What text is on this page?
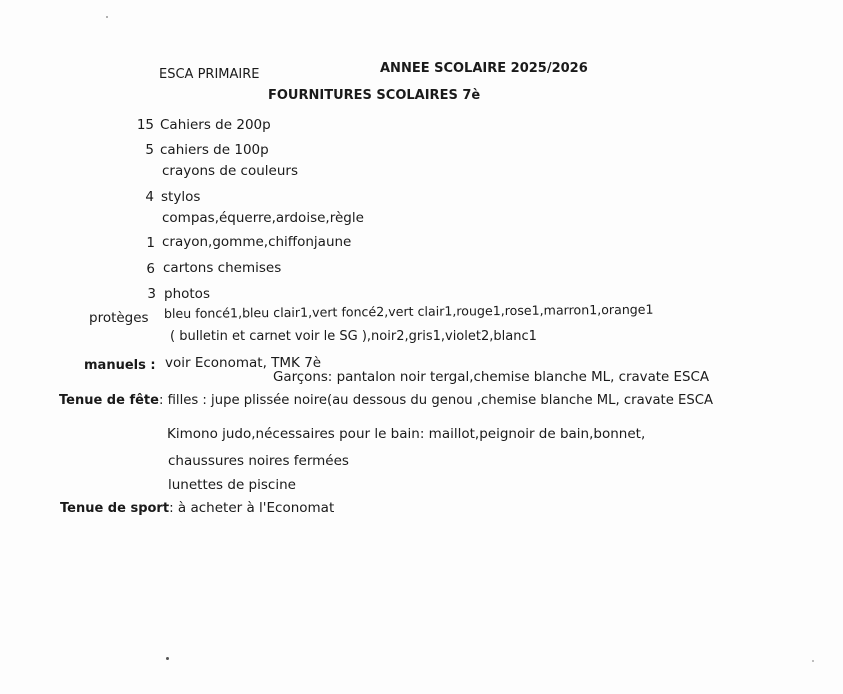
ESCA PRIMAIRE	ANNEE SCOLAIRE 2025/2026
FOURNITURES SCOLAIRES 7è
15 Cahiers de 200p
5 cahiers de 100p
crayons de couleurs
4 stylos
compas,équerre,ardoise,règle
1 crayon,gomme,chiffonjaune
6 cartons chemises
3 photos
protèges bleu foncé1,bleu clair1,vert foncé2,vert clair1,rouge1,rose1,marron1,orange1
( bulletin et carnet voir le SG ),noir2,gris1,violet2,blanc1
manuels : voir Economat, TMK 7è
Garçons: pantalon noir tergal,chemise blanche ML, cravate ESCA
Tenue de fête: filles : jupe plissée noire(au dessous du genou ,chemise blanche ML, cravate ESCA
Kimono judo,nécessaires pour le bain: maillot,peignoir de bain,bonnet,
chaussures noires fermées
lunettes de piscine
Tenue de sport: à acheter à l'Economat
